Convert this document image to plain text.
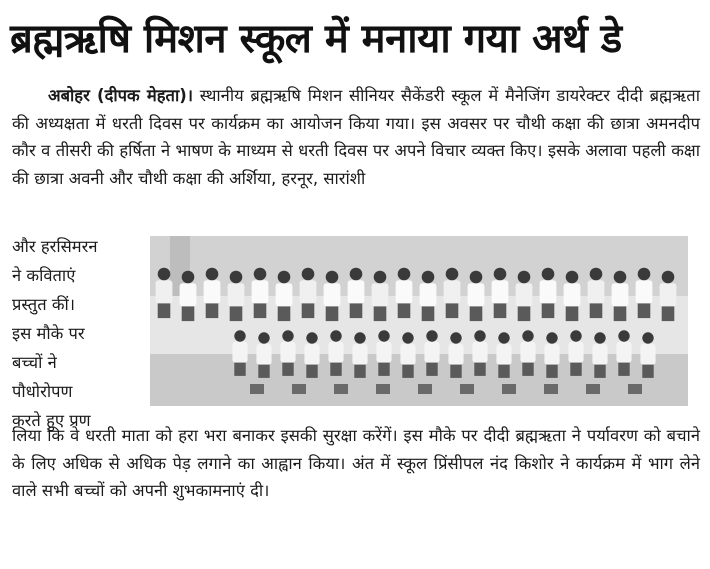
ब्रह्मऋषि मिशन स्कूल में मनाया गया अर्थ डे
अबोहर (दीपक मेहता)। स्थानीय ब्रह्मऋषि मिशन सीनियर सैकेंडरी स्कूल में मैनेजिंग डायरेक्टर दीदी ब्रह्मऋता की अध्यक्षता में धरती दिवस पर कार्यक्रम का आयोजन किया गया। इस अवसर पर चौथी कक्षा की छात्रा अमनदीप कौर व तीसरी की हर्षिता ने भाषण के माध्यम से धरती दिवस पर अपने विचार व्यक्त किए। इसके अलावा पहली कक्षा की छात्रा अवनी और चौथी कक्षा की अर्शिया, हरनूर, सारांशी
और हरसिमरन
ने कविताएं
प्रस्तुत कीं।
इस मौके पर
बच्चों ने
पौधोरोपण
करते हुए प्रण
लिया कि वे धरती माता को हरा भरा बनाकर इसकी सुरक्षा करेंगें। इस मौके पर दीदी ब्रह्मऋता ने पर्यावरण को बचाने के लिए अधिक से अधिक पेड़ लगाने का आह्वान किया। अंत में स्कूल प्रिंसीपल नंद किशोर ने कार्यक्रम में भाग लेने वाले सभी बच्चों को अपनी शुभकामनाएं दी।
